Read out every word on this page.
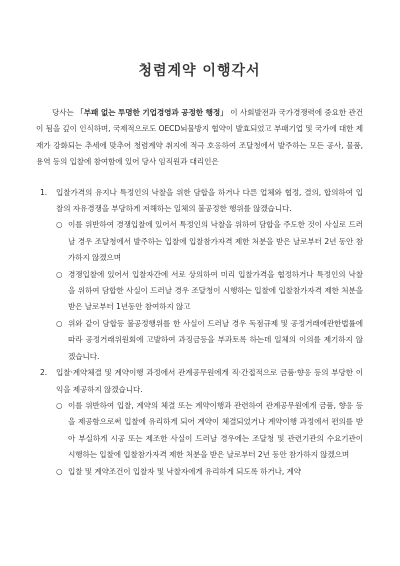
청렴계약 이행각서

당사는 「부패 없는 투명한 기업경영과 공정한 행정」 이 사회발전과 국가경쟁력에 중요한 관건이 됨을 깊이 인식하며, 국제적으로도 OECD뇌물방지 협약이 발효되었고 부패기업 및 국가에 대한 제재가 강화되는 추세에 맞추어 청렴계약 취지에 적극 호응하여 조달청에서 발주하는 모든 공사, 물품, 용역 등의 입찰에 참여함에 있어 당사 임직원과 대리인은

1.	입찰가격의 유지나 특정인의 낙찰을 위한 담합을 하거나 다른 업체와 협정, 결의, 합의하여 입찰의 자유경쟁을 부당하게 저해하는 일체의 불공정한 행위를 않겠습니다.
○ 이를 위반하여 경쟁입찰에 있어서 특정인의 낙찰을 위하여 담합을 주도한 것이 사실로 드러날 경우 조달청에서 발주하는 입찰에 입찰참가자격 제한 처분을 받은 날로부터 2년 동안 참가하지 않겠으며
○ 경쟁입찰에 있어서 입찰자간에 서로 상의하여 미리 입찰가격을 협정하거나 특정인의 낙찰을 위하여 담합한 사실이 드러날 경우 조달청이 시행하는 입찰에 입찰참가자격 제한 처분을 받은 날로부터 1년동안 참여하지 않고
○ 위와 같이 담합등 불공정행위를 한 사실이 드러날 경우 독점규제 및 공정거래에관한법률에 따라 공정거래위원회에 고발하여 과징금등을 부과토록 하는데 일체의 이의를 제기하지 않겠습니다.
2.	입찰·계약체결 및 계약이행 과정에서 관계공무원에게 직·간접적으로 금품·향응 등의 부당한 이익을 제공하지 않겠습니다.
○ 이를 위반하여 입찰, 계약의 체결 또는 계약이행과 관련하여 관계공무원에게 금품, 향응 등을 제공함으로써 입찰에 유리하게 되어 계약이 체결되었거나 계약이행 과정에서 편의를 받아 부실하게 시공 또는 제조한 사실이 드러날 경우에는 조달청 및 관련기관의 수요기관이 시행하는 입찰에 입찰참가자격 제한 처분을 받은 날로부터 2년 동안 참가하지 않겠으며
○ 입찰 및 계약조건이 입찰자 및 낙찰자에게 유리하게 되도록 하거나, 계약
